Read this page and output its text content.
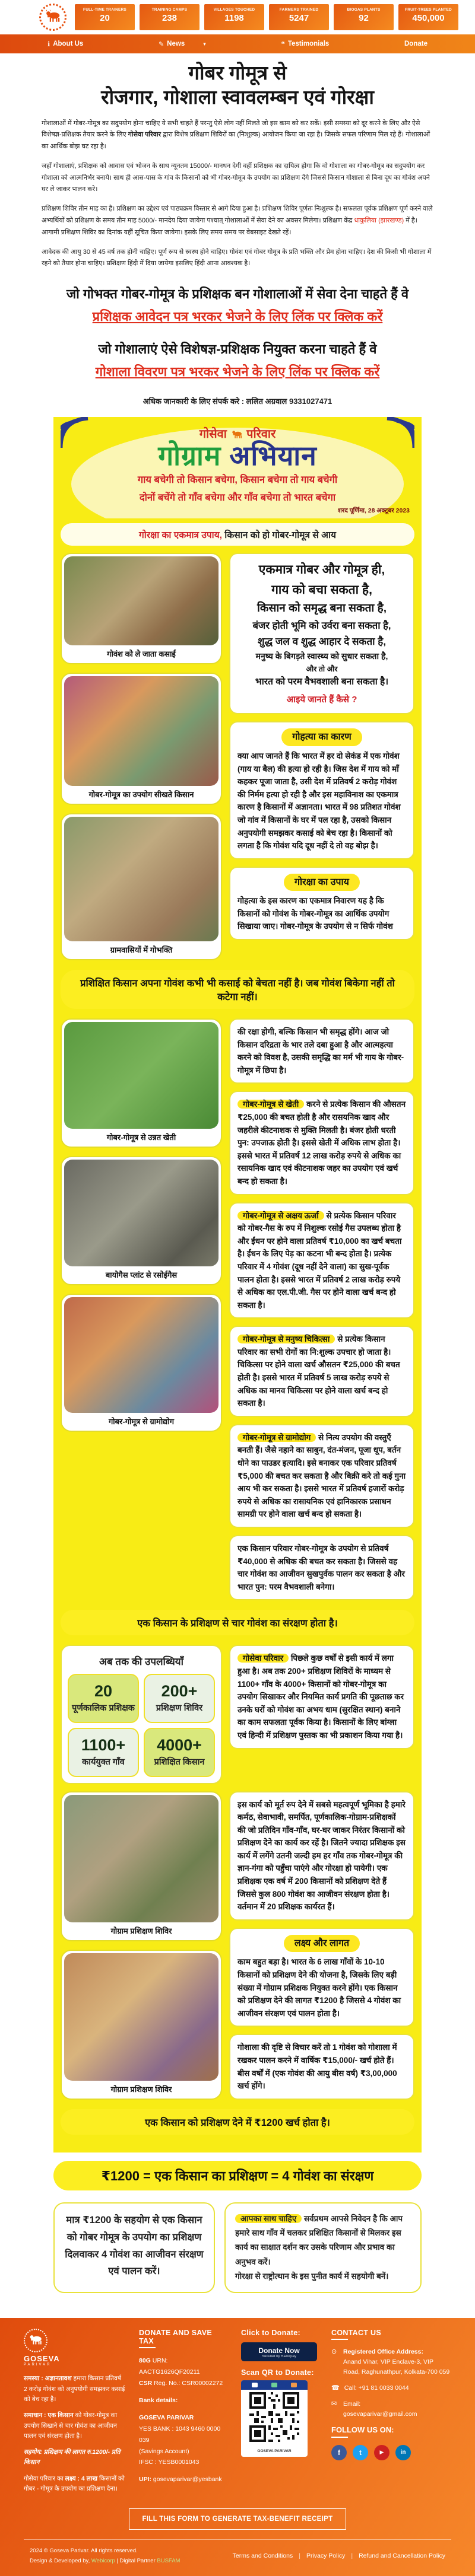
FULL-TIME TRAINERS
20
TRAINING CAMPS
238
VILLAGES TOUCHED
1198
FARMERS TRAINED
5247
BIOGAS PLANTS
92
FRUIT-TREES PLANTED
450,000
ℹ About Us	✎ News	▾	❝ Testimonials	Donate
गोबर गोमूत्र से
रोजगार, गोशाला स्वावलम्बन एवं गोरक्षा

गोशालाओं में गोबर-गोमूत्र का सदुपयोग होना चाहिए ये सभी चाहते हैं परन्तु ऐसे लोग नहीं मिलते जो इस काम को कर सकें। इसी समस्या को दूर करने के लिए और ऐसे विशेषज्ञ-प्रशिक्षक तैयार करने के लिए गोसेवा परिवार द्वारा विशेष प्रशिक्षण शिविरों का (निःशुल्क) आयोजन किया जा रहा है। जिसके सफल परिणाम मिल रहे हैं। गोशालाओं का आर्थिक बोझ घट रहा है।

जहाँ गोशालाएं, प्रशिक्षक को आवास एवं भोजन के साथ न्यूनतम 15000/- मानधन देगी वहीं प्रशिक्षक का दायित्व होगा कि वो गोशाला का गोबर-गोमूत्र का सदुपयोग कर गोशाला को आत्मनिर्भर बनाये। साथ ही आस-पास के गांव के किसानों को भी गोबर-गोमूत्र के उपयोग का प्रशिक्षण देंगे जिससे किसान गोशाला से बिना दूध का गोवंश अपने घर ले जाकर पालन करे।

प्रशिक्षण शिविर तीन माह का है। प्रशिक्षण का उद्देश्य एवं पाठ्यक्रम विस्तार से आगे दिया हुआ है। प्रशिक्षण शिविर पूर्णतः निःशुल्क है। सफलता पूर्वक प्रशिक्षण पूर्ण करने वाले अभ्यर्थियों को प्रशिक्षण के समय तीन माह 5000/- मानदेय दिया जायेगा पश्चात् गोशालाओं में सेवा देने का अवसर मिलेगा। प्रशिक्षण केंद्र धाकुलिया (झारखण्ड) में है। आगामी प्रशिक्षण शिविर का दिनांक यहीं सूचित किया जायेगा। इसके लिए समय समय पर वेबसाइट देखते रहें।

आवेदक की आयु 30 से 45 वर्ष तक होनी चाहिए। पूर्ण रूप से स्वस्थ होने चाहिए। गोवंश एवं गोबर गोमूत्र के प्रति भक्ति और प्रेम होना चाहिए। देश की किसी भी गोशाला में रहने को तैयार होना चाहिए। प्रशिक्षण हिंदी में दिया जायेगा इसलिए हिंदी आना आवश्यक है।

जो गोभक्त गोबर-गोमूत्र के प्रशिक्षक बन गोशालाओं में सेवा देना चाहते हैं वे
प्रशिक्षक आवेदन पत्र भरकर भेजने के लिए लिंक पर क्लिक करें
जो गोशालाएं ऐसे विशेषज्ञ-प्रशिक्षक नियुक्त करना चाहते हैं वे
गोशाला विवरण पत्र भरकर भेजने के लिए लिंक पर क्लिक करें
अधिक जानकारी के लिए संपर्क करे : ललित अग्रवाल 9331027471
गोसेवा परिवार
गोग्राम अभियान
गाय बचेगी तो किसान बचेगा, किसान बचेगा तो गाय बचेगी
दोनों बचेंगे तो गाँव बचेगा और गाँव बचेगा तो भारत बचेगा
शरद पूर्णिमा, 28 अक्टूबर 2023
गोरक्षा का एकमात्र उपाय, किसान को हो गोबर-गोमूत्र से आय
गोवंश को ले जाता कसाई
गोबर-गोमूत्र का उपयोग सीखते किसान
ग्रामवासियों में गोभक्ति
एकमात्र गोबर और गोमूत्र ही,
गाय को बचा सकता है,
किसान को समृद्ध बना सकता है,
बंजर होती भूमि को उर्वरा बना सकता है,
शुद्ध जल व शुद्ध आहार दे सकता है,
मनुष्य के बिगड़ते स्वास्थ्य को सुधार सकता है,
और तो और
भारत को परम वैभवशाली बना सकता है।
आइये जानते हैं कैसे ?
गोहत्या का कारण
क्या आप जानते हैं कि भारत में हर दो सेकंड में एक गोवंश (गाय या बैल) की हत्या हो रही है। जिस देश में गाय को माँ कहकर पूजा जाता है, उसी देश में प्रतिवर्ष 2 करोड़ गोवंश की निर्मम हत्या हो रही है और इस महाविनाश का एकमात्र कारण है किसानों में अज्ञानता। भारत में 98 प्रतिशत गोवंश जो गांव में किसानों के घर में पल रहा है, उसको किसान अनुपयोगी समझकर कसाई को बेच रहा है। किसानों को लगता है कि गोवंश यदि दूध नहीं दे तो वह बोझ है।
गोरक्षा का उपाय
गोहत्या के इस कारण का एकमात्र निवारण यह है कि किसानों को गोवंश के गोबर-गोमूत्र का आर्थिक उपयोग सिखाया जाए। गोबर-गोमूत्र के उपयोग से न सिर्फ गोवंश
प्रशिक्षित किसान अपना गोवंश कभी भी कसाई को बेचता नहीं है। जब गोवंश बिकेगा नहीं तो कटेगा नहीं।
गोबर-गोमूत्र से उन्नत खेती
बायोगैस प्लांट से रसोईगैस
गोबर-गोमूत्र से ग्रामोद्योग
की रक्षा होगी, बल्कि किसान भी समृद्ध होंगे। आज जो किसान दरिद्रता के भार तले दबा हुआ है और आत्महत्या करने को विवश है, उसकी समृद्धि का मर्म भी गाय के गोबर-गोमूत्र में छिपा है।
गोबर-गोमूत्र से खेती करने से प्रत्येक किसान की औसतन ₹25,000 की बचत होती है और रासयनिक खाद और जहरीले कीटनाशक से मुक्ति मिलती है। बंजर होती धरती पुन: उपजाऊ होती है। इससे खेती में अधिक लाभ होता है। इससे भारत में प्रतिवर्ष 12 लाख करोड़ रुपये से अधिक का रसायनिक खाद एवं कीटनाशक जहर का उपयोग एवं खर्च बन्द हो सकता है।
गोबर-गोमूत्र से अक्षय ऊर्जा से प्रत्येक किसान परिवार को गोबर-गैस के रुप में निशुल्क रसोई गैस उपलब्ध होता है और ईंधन पर होने वाला प्रतिवर्ष ₹10,000 का खर्च बचता है। ईंधन के लिए पेड़ का कटना भी बन्द होता है। प्रत्येक परिवार में 4 गोवंश (दूध नहीं देने वाला) का सुख-पूर्वक पालन होता है। इससे भारत में प्रतिवर्ष 2 लाख करोड़ रुपये से अधिक का एल.पी.जी. गैस पर होने वाला खर्च बन्द हो सकता है।
गोबर-गोमूत्र से मनुष्य चिकित्सा से प्रत्येक किसान परिवार का सभी रोगों का नि:शुल्क उपचार हो जाता है। चिकित्सा पर होने वाला खर्च औसतन ₹25,000 की बचत होती है। इससे भारत में प्रतिवर्ष 5 लाख करोड़ रुपये से अधिक का मानव चिकित्सा पर होने वाला खर्च बन्द हो सकता है।
गोबर-गोमूत्र से ग्रामोद्योग से नित्य उपयोग की वस्तुएँ बनती हैं। जैसे नहाने का साबुन, दंत-मंजन, पूजा धूप, बर्तन धोने का पाउडर इत्यादि। इसे बनाकर एक परिवार प्रतिवर्ष ₹5,000 की बचत कर सकता है और बिक्री करे तो कई गुना आय भी कर सकता है। इससे भारत में प्रतिवर्ष हजारों करोड़ रुपये से अधिक का रासायनिक एवं हानिकारक प्रसाधन सामग्री पर होने वाला खर्च बन्द हो सकता है।
एक किसान परिवार गोबर-गोमूत्र के उपयोग से प्रतिवर्ष ₹40,000 से अधिक की बचत कर सकता है। जिससे वह चार गोवंश का आजीवन सुखपुर्वक पालन कर सकता है और भारत पुन: परम वैभवशाली बनेगा।
एक किसान के प्रशिक्षण से चार गोवंश का संरक्षण होता है।
अब तक की उपलब्धियाँ
20
पूर्णकालिक प्रशिक्षक
200+
प्रशिक्षण शिविर
1100+
कार्ययुक्त गाँव
4000+
प्रशिक्षित किसान
गोसेवा परिवार पिछले कुछ वर्षों से इसी कार्य में लगा हुआ है। अब तक 200+ प्रशिक्षण शिविरों के माध्यम से 1100+ गाँव के 4000+ किसानों को गोबर-गोमूत्र का उपयोग सिखाकर और नियमित कार्य प्रगति की पूछताछ कर उनके घरों को गोवंश का अभय धाम (सुरक्षित स्थान) बनाने का काम सफलता पूर्वक किया है। किसानों के लिए बांग्ला एवं हिन्दी में प्रशिक्षण पुस्तक का भी प्रकाशन किया गया है।
गोग्राम प्रशिक्षण शिविर
गोग्राम प्रशिक्षण शिविर
इस कार्य को मूर्त रुप देने में सबसे महत्वपूर्ण भूमिका है हमारे कर्मठ, सेवाभावी, समर्पित, पूर्णकालिक-गोग्राम-प्रशिक्षकों की जो प्रतिदिन गाँव-गाँव, घर-घर जाकर निरंतर किसानों को प्रशिक्षण देने का कार्य कर रहें है। जितने ज्यादा प्रशिक्षक इस कार्य में लगेंगे उतनी जल्दी हम हर गाँव तक गोबर-गोमूत्र की ज्ञान-गंगा को पहुँचा पाएंगे और गोरक्षा हो पायेगी। एक प्रशिक्षक एक वर्ष में 200 किसानों को प्रशिक्षण देते हैं जिससे कुल 800 गोवंश का आजीवन संरक्षण होता है। वर्तमान में 20 प्रशिक्षक कार्यरत हैं।
लक्ष्य और लागत
काम बहुत बड़ा है। भारत के 6 लाख गाँवों के 10-10 किसानों को प्रशिक्षण देने की योजना है, जिसके लिए बड़ी संख्या में गोग्राम प्रशिक्षक नियुक्त करने होंगे। एक किसान को प्रशिक्षण देने की लागत ₹1200 है जिससे 4 गोवंश का आजीवन संरक्षण एवं पालन होता है।
गोशाला की दृष्टि से विचार करें तो 1 गोवंश को गोशाला में रखकर पालन करने में वार्षिक ₹15,000/- खर्च होते हैं। बीस वर्षों में (एक गोवंश की आयु बीस वर्ष) ₹3,00,000 खर्च होंगे।
एक किसान को प्रशिक्षण देने में ₹1200 खर्च होता है।
₹1200 = एक किसान का प्रशिक्षण = 4 गोवंश का संरक्षण
मात्र ₹1200 के सहयोग से एक किसान को गोबर गोमूत्र के उपयोग का प्रशिक्षण दिलवाकर 4 गोवंश का आजीवन संरक्षण एवं पालन करें।
आपका साथ चाहिए सर्वप्रथम आपसे निवेदन है कि आप हमारे साथ गाँव में चलकर प्रशिक्षित किसानों से मिलकर इस कार्य का साक्षात दर्शन कर उसके परिणाम और प्रभाव का अनुभव करें।
गोरक्षा से राष्ट्रोत्थान के इस पुनीत कार्य में सहयोगी बनें।
GOSEVA
PARIVAR

समस्या : अज्ञानतावश हमारा किसान प्रतिवर्ष 2 करोड़ गोवंश को अनुपयोगी समझकर कसाई को बेच रहा है।

समाधान : एक किसान को गोबर-गोमूत्र का उपयोग सिखाने से चार गोवंश का आजीवन पालन एवं संरक्षण होता है।

सहयोग: प्रशिक्षण की लागत रु.1200/- प्रति किसान

गोसेवा परिवार का लक्ष्य : 4 लाख किसानों को गोबर - गोमूत्र के उपयोग का प्रशिक्षण देना।

DONATE AND SAVE TAX
80G URN: AACTG1626QF20211
CSR Reg. No.: CSR00002272
Bank details:
GOSEVA PARIVAR
YES BANK : 1043 9460 0000 039
(Savings Account)
IFSC : YESB0001043
UPI: gosevaparivar@yesbank
Click to Donate:
Donate Now
Secured by Razorpay
Scan QR to Donate:
GOSEVA PARIVAR
CONTACT US
⊙ Registered Office Address:
Anand Vihar, VIP Enclave-3, VIP Road, Raghunathpur, Kolkata-700 059
☎ Call: +91 81 0033 0044
✉ Email:
gosevaparivar@gmail.com
FOLLOW US ON:
f	t	▶	in
FILL THIS FORM TO GENERATE TAX-BENEFIT RECEIPT
2024 © Goseva Parivar. All rights reserved.
Design & Developed by, Webicorp | Digital Partner BUSFAM
Terms and Conditions | Privacy Policy | Refund and Cancellation Policy
